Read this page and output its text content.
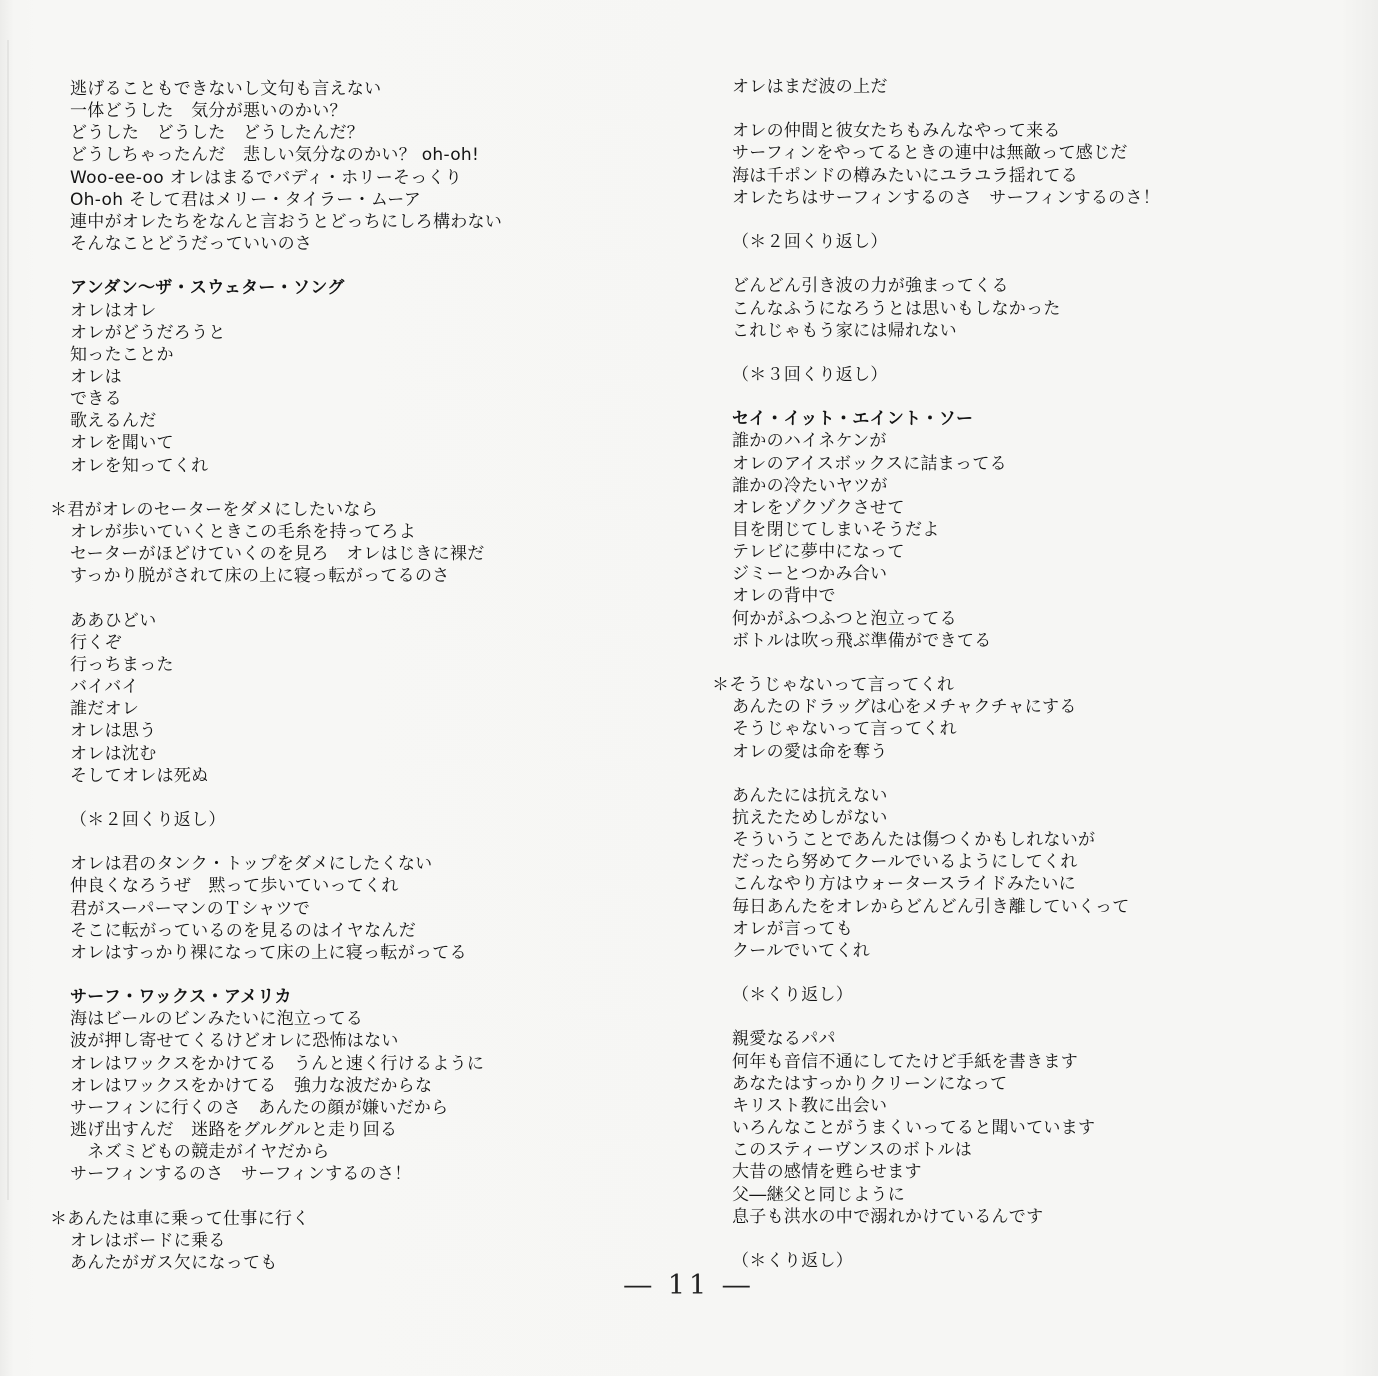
逃げることもできないし文句も言えない
一体どうした　気分が悪いのかい？
どうした　どうした　どうしたんだ？
どうしちゃったんだ　悲しい気分なのかい？ oh-oh!
Woo-ee-oo オレはまるでバディ・ホリーそっくり
Oh-oh そして君はメリー・タイラー・ムーア
連中がオレたちをなんと言おうとどっちにしろ構わない
そんなことどうだっていいのさ
アンダン～ザ・スウェター・ソング
オレはオレ
オレがどうだろうと
知ったことか
オレは
できる
歌えるんだ
オレを聞いて
オレを知ってくれ
＊君がオレのセーターをダメにしたいなら
オレが歩いていくときこの毛糸を持ってろよ
セーターがほどけていくのを見ろ　オレはじきに裸だ
すっかり脱がされて床の上に寝っ転がってるのさ
ああひどい
行くぞ
行っちまった
バイバイ
誰だオレ
オレは思う
オレは沈む
そしてオレは死ぬ
（＊２回くり返し）
オレは君のタンク・トップをダメにしたくない
仲良くなろうぜ　黙って歩いていってくれ
君がスーパーマンのＴシャツで
そこに転がっているのを見るのはイヤなんだ
オレはすっかり裸になって床の上に寝っ転がってる
サーフ・ワックス・アメリカ
海はビールのビンみたいに泡立ってる
波が押し寄せてくるけどオレに恐怖はない
オレはワックスをかけてる　うんと速く行けるように
オレはワックスをかけてる　強力な波だからな
サーフィンに行くのさ　あんたの顔が嫌いだから
逃げ出すんだ　迷路をグルグルと走り回る
　ネズミどもの競走がイヤだから
サーフィンするのさ　サーフィンするのさ！
＊あんたは車に乗って仕事に行く
オレはボードに乗る
あんたがガス欠になっても
オレはまだ波の上だ
オレの仲間と彼女たちもみんなやって来る
サーフィンをやってるときの連中は無敵って感じだ
海は千ポンドの樽みたいにユラユラ揺れてる
オレたちはサーフィンするのさ　サーフィンするのさ！
（＊２回くり返し）
どんどん引き波の力が強まってくる
こんなふうになろうとは思いもしなかった
これじゃもう家には帰れない
（＊３回くり返し）
セイ・イット・エイント・ソー
誰かのハイネケンが
オレのアイスボックスに詰まってる
誰かの冷たいヤツが
オレをゾクゾクさせて
目を閉じてしまいそうだよ
テレビに夢中になって
ジミーとつかみ合い
オレの背中で
何かがふつふつと泡立ってる
ボトルは吹っ飛ぶ準備ができてる
＊そうじゃないって言ってくれ
あんたのドラッグは心をメチャクチャにする
そうじゃないって言ってくれ
オレの愛は命を奪う
あんたには抗えない
抗えたためしがない
そういうことであんたは傷つくかもしれないが
だったら努めてクールでいるようにしてくれ
こんなやり方はウォータースライドみたいに
毎日あんたをオレからどんどん引き離していくって
オレが言っても
クールでいてくれ
（＊くり返し）
親愛なるパパ
何年も音信不通にしてたけど手紙を書きます
あなたはすっかりクリーンになって
キリスト教に出会い
いろんなことがうまくいってると聞いています
このスティーヴンスのボトルは
大昔の感情を甦らせます
父―継父と同じように
息子も洪水の中で溺れかけているんです
（＊くり返し）
― 11 ―
